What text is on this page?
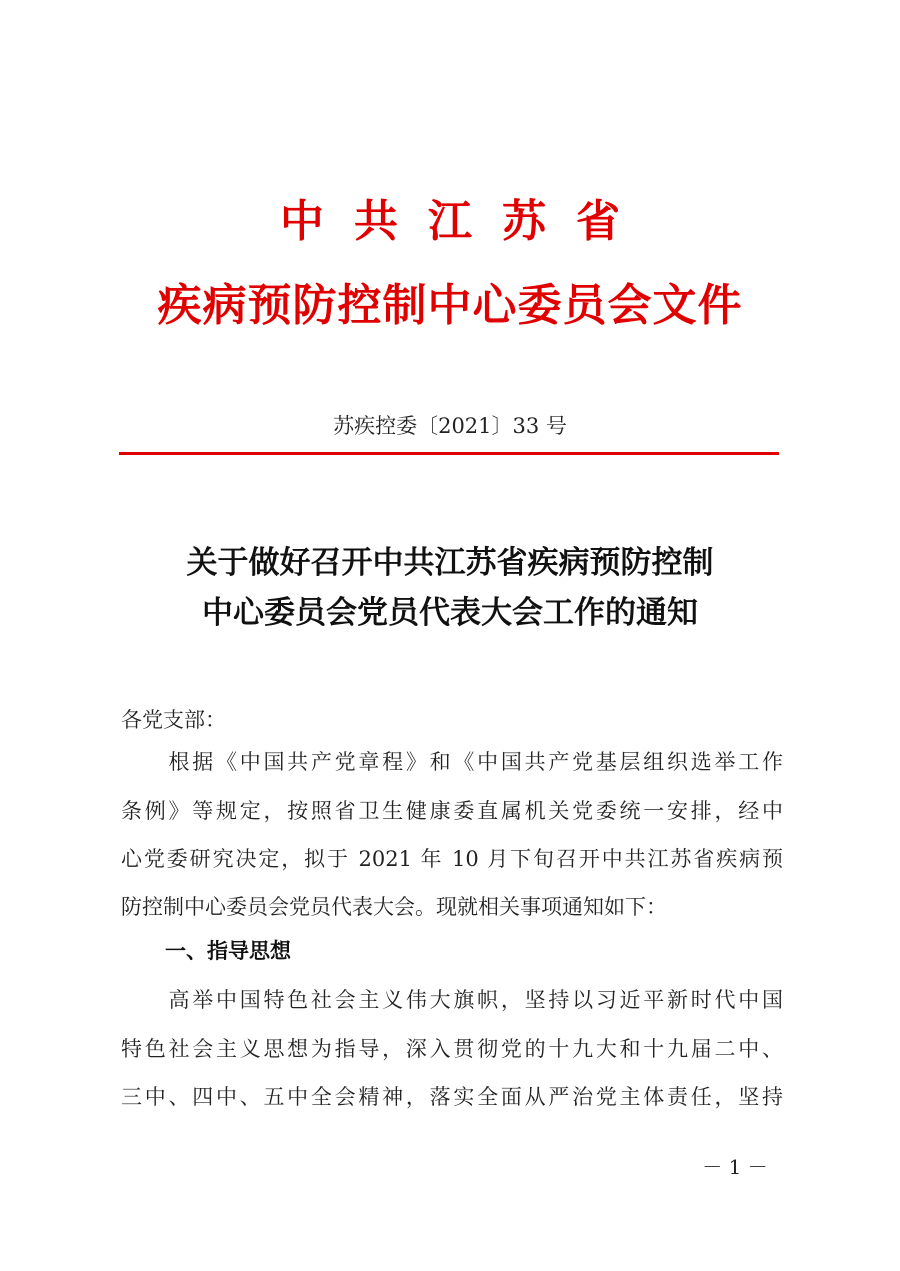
中共江苏省
疾病预防控制中心委员会文件
苏疾控委〔2021〕33 号
关于做好召开中共江苏省疾病预防控制
中心委员会党员代表大会工作的通知
各党支部：
　　根据《中国共产党章程》和《中国共产党基层组织选举工作
条例》等规定，按照省卫生健康委直属机关党委统一安排，经中
心党委研究决定，拟于 2021 年 10 月下旬召开中共江苏省疾病预
防控制中心委员会党员代表大会。现就相关事项通知如下：
一、指导思想
　　高举中国特色社会主义伟大旗帜，坚持以习近平新时代中国
特色社会主义思想为指导，深入贯彻党的十九大和十九届二中、
三中、四中、五中全会精神，落实全面从严治党主体责任，坚持
－ 1 －
